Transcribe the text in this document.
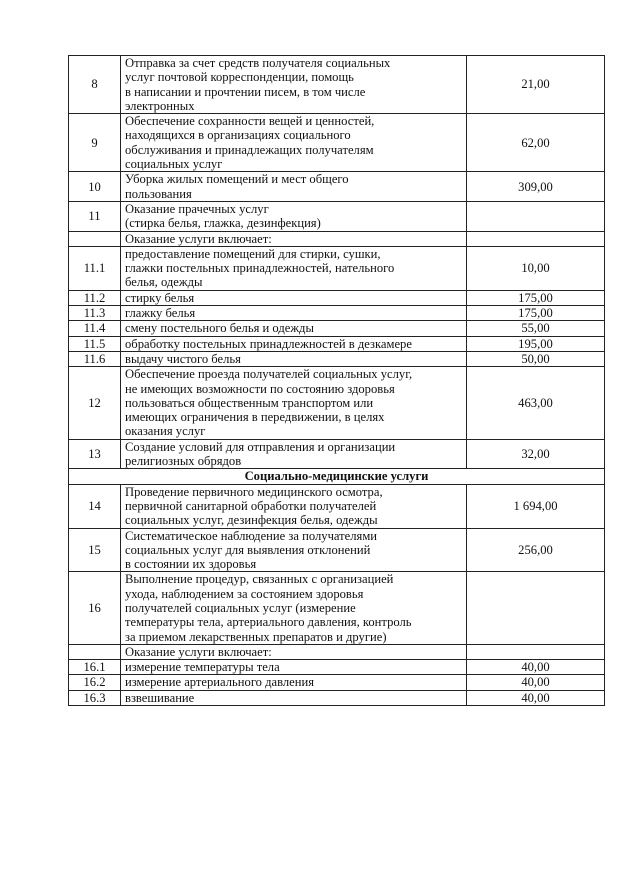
8	Отправка за счет средств получателя социальных
услуг почтовой корреспонденции, помощь
в написании и прочтении писем, в том числе
электронных	21,00
9	Обеспечение сохранности вещей и ценностей,
находящихся в организациях социального
обслуживания и принадлежащих получателям
социальных услуг	62,00
10	Уборка жилых помещений и мест общего
пользования	309,00
11	Оказание прачечных услуг
(стирка белья, глажка, дезинфекция)	
	Оказание услуги включает:	
11.1	предоставление помещений для стирки, сушки,
глажки постельных принадлежностей, нательного
белья, одежды	10,00
11.2	стирку белья	175,00
11.3	глажку белья	175,00
11.4	смену постельного белья и одежды	55,00
11.5	обработку постельных принадлежностей в дезкамере	195,00
11.6	выдачу чистого белья	50,00
12	Обеспечение проезда получателей социальных услуг,
не имеющих возможности по состоянию здоровья
пользоваться общественным транспортом или
имеющих ограничения в передвижении, в целях
оказания услуг	463,00
13	Создание условий для отправления и организации
религиозных обрядов	32,00
Социально-медицинские услуги		
14	Проведение первичного медицинского осмотра,
первичной санитарной обработки получателей
социальных услуг, дезинфекция белья, одежды	1 694,00
15	Систематическое наблюдение за получателями
социальных услуг для выявления отклонений
в состоянии их здоровья	256,00
16	Выполнение процедур, связанных с организацией
ухода, наблюдением за состоянием здоровья
получателей социальных услуг (измерение
температуры тела, артериального давления, контроль
за приемом лекарственных препаратов и другие)	
	Оказание услуги включает:	
16.1	измерение температуры тела	40,00
16.2	измерение артериального давления	40,00
16.3	взвешивание	40,00
